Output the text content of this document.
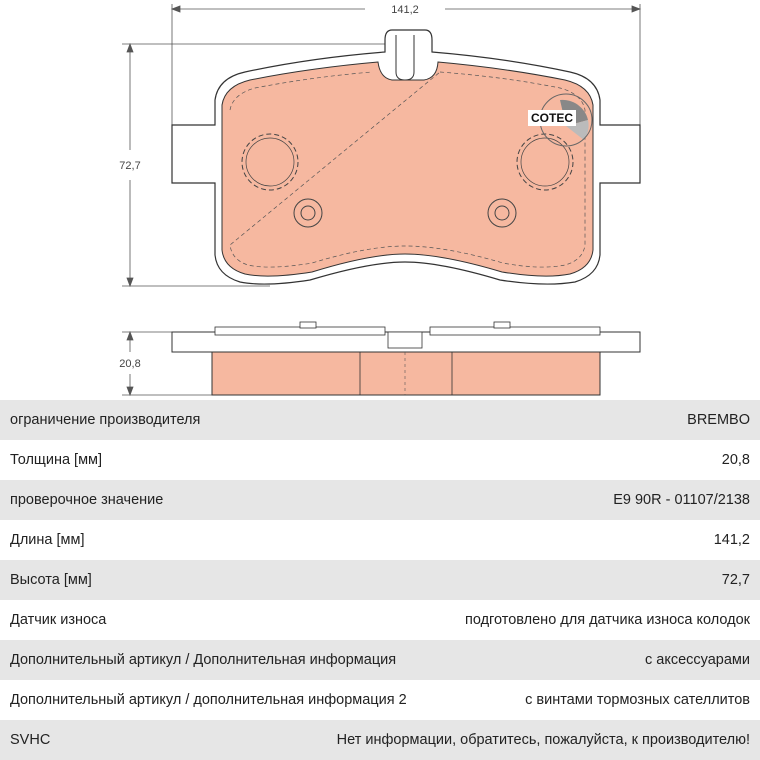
141,2
72,7
COTEC
20,8
ограничение производителя	BREMBO
Толщина [мм]	20,8
проверочное значение	E9 90R - 01107/2138
Длина [мм]	141,2
Высота [мм]	72,7
Датчик износа	подготовлено для датчика износа колодок
Дополнительный артикул / Дополнительная информация	с аксессуарами
Дополнительный артикул / дополнительная информация 2	с винтами тормозных сателлитов
SVHC	Нет информации, обратитесь, пожалуйста, к производителю!
